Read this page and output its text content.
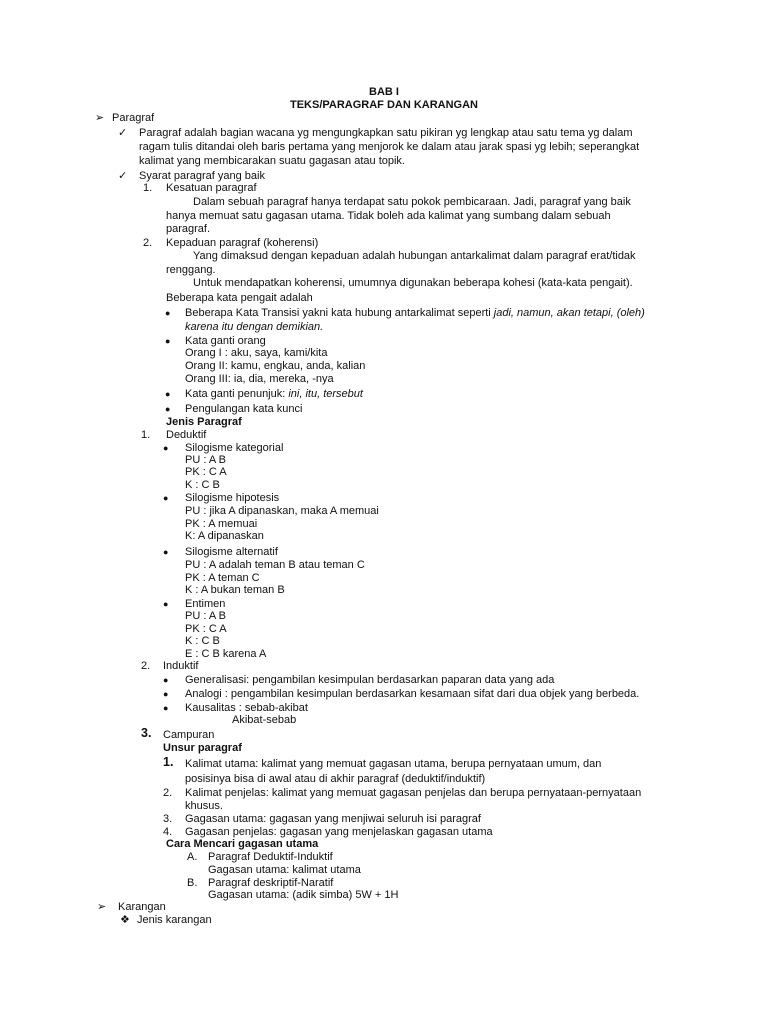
BAB I
TEKS/PARAGRAF DAN KARANGAN
➢ Paragraf
✓ Paragraf adalah bagian wacana yg mengungkapkan satu pikiran yg lengkap atau satu tema yg dalam
ragam tulis ditandai oleh baris pertama yang menjorok ke dalam atau jarak spasi yg lebih; seperangkat
kalimat yang membicarakan suatu gagasan atau topik.
✓ Syarat paragraf yang baik
1. Kesatuan paragraf
Dalam sebuah paragraf hanya terdapat satu pokok pembicaraan. Jadi, paragraf yang baik
hanya memuat satu gagasan utama. Tidak boleh ada kalimat yang sumbang dalam sebuah
paragraf.
2. Kepaduan paragraf (koherensi)
Yang dimaksud dengan kepaduan adalah hubungan antarkalimat dalam paragraf erat/tidak
renggang.
Untuk mendapatkan koherensi, umumnya digunakan beberapa kohesi (kata-kata pengait).
Beberapa kata pengait adalah
● Beberapa Kata Transisi yakni kata hubung antarkalimat seperti jadi, namun, akan tetapi, (oleh)
karena itu dengan demikian.
● Kata ganti orang
Orang I : aku, saya, kami/kita
Orang II: kamu, engkau, anda, kalian
Orang III: ia, dia, mereka, -nya
● Kata ganti penunjuk: ini, itu, tersebut
● Pengulangan kata kunci
Jenis Paragraf
1. Deduktif
● Silogisme kategorial
PU : A B
PK : C A
K : C B
● Silogisme hipotesis
PU : jika A dipanaskan, maka A memuai
PK : A memuai
K: A dipanaskan
● Silogisme alternatif
PU : A adalah teman B atau teman C
PK : A teman C
K : A bukan teman B
● Entimen
PU : A B
PK : C A
K : C B
E : C B karena A
2. Induktif
● Generalisasi: pengambilan kesimpulan berdasarkan paparan data yang ada
● Analogi : pengambilan kesimpulan berdasarkan kesamaan sifat dari dua objek yang berbeda.
● Kausalitas : sebab-akibat
Akibat-sebab
3. Campuran
Unsur paragraf
1. Kalimat utama: kalimat yang memuat gagasan utama, berupa pernyataan umum, dan
posisinya bisa di awal atau di akhir paragraf (deduktif/induktif)
2. Kalimat penjelas: kalimat yang memuat gagasan penjelas dan berupa pernyataan-pernyataan
khusus.
3. Gagasan utama: gagasan yang menjiwai seluruh isi paragraf
4. Gagasan penjelas: gagasan yang menjelaskan gagasan utama
Cara Mencari gagasan utama
A. Paragraf Deduktif-Induktif
Gagasan utama: kalimat utama
B. Paragraf deskriptif-Naratif
Gagasan utama: (adik simba) 5W + 1H
➢ Karangan
❖ Jenis karangan
